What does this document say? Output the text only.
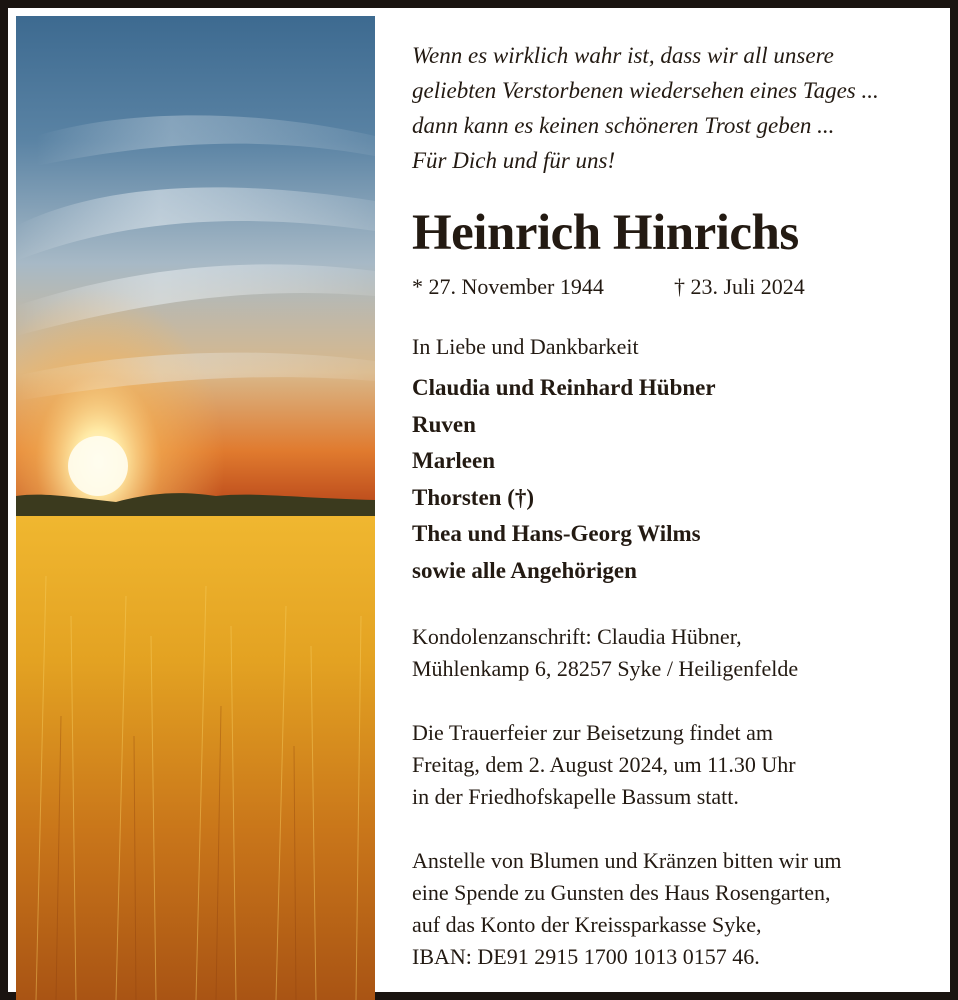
Wenn es wirklich wahr ist, dass wir all unsere
geliebten Verstorbenen wiedersehen eines Tages ...
dann kann es keinen schöneren Trost geben ...
Für Dich und für uns!

Heinrich Hinrichs
* 27. November 1944	† 23. Juli 2024
In Liebe und Dankbarkeit
Claudia und Reinhard Hübner
Ruven
Marleen
Thorsten (†)
Thea und Hans-Georg Wilms
sowie alle Angehörigen
Kondolenzanschrift: Claudia Hübner,
Mühlenkamp 6, 28257 Syke / Heiligenfelde
Die Trauerfeier zur Beisetzung findet am
Freitag, dem 2. August 2024, um 11.30 Uhr
in der Friedhofskapelle Bassum statt.
Anstelle von Blumen und Kränzen bitten wir um
eine Spende zu Gunsten des Haus Rosengarten,
auf das Konto der Kreissparkasse Syke,
IBAN: DE91 2915 1700 1013 0157 46.
